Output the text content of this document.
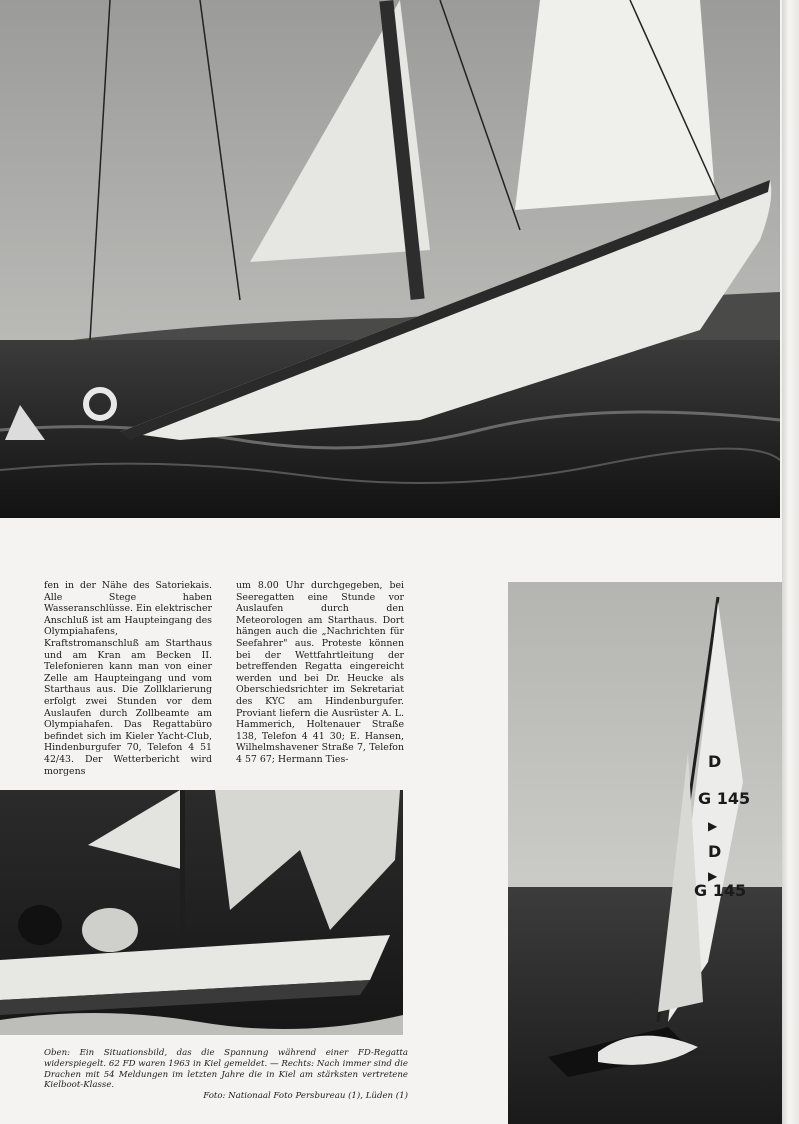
fen in der Nähe des Satoriekais. Alle Stege haben Wasseranschlüsse. Ein elektrischer Anschluß ist am Haupteingang des Olympiahafens, Kraftstromanschluß am Starthaus und am Kran am Becken II. Telefonieren kann man von einer Zelle am Haupteingang und vom Starthaus aus. Die Zollklarierung erfolgt zwei Stunden vor dem Auslaufen durch Zollbeamte am Olympiahafen. Das Regattabüro befindet sich im Kieler Yacht-Club, Hindenburgufer 70, Telefon 4 51 42/43. Der Wetterbericht wird morgens

um 8.00 Uhr durchgegeben, bei Seeregatten eine Stunde vor Auslaufen durch den Meteorologen am Starthaus. Dort hängen auch die „Nachrichten für Seefahrer" aus. Proteste können bei der Wettfahrtleitung der betreffenden Regatta eingereicht werden und bei Dr. Heucke als Oberschiedsrichter im Sekretariat des KYC am Hindenburgufer. Proviant liefern die Ausrüster A. L. Hammerich, Holtenauer Straße 138, Telefon 4 41 30; E. Hansen, Wilhelmshavener Straße 7, Telefon 4 57 67; Hermann Ties-	D
G 145
▶
D
▶
G 145

Oben: Ein Situationsbild, das die Spannung während einer FD-Regatta widerspiegelt. 62 FD waren 1963 in Kiel gemeldet. — Rechts: Nach immer sind die Drachen mit 54 Meldungen im letzten Jahre die in Kiel am stärksten vertretene Kielboot-Klasse.
Foto: Nationaal Foto Persbureau (1), Lüden (1)
